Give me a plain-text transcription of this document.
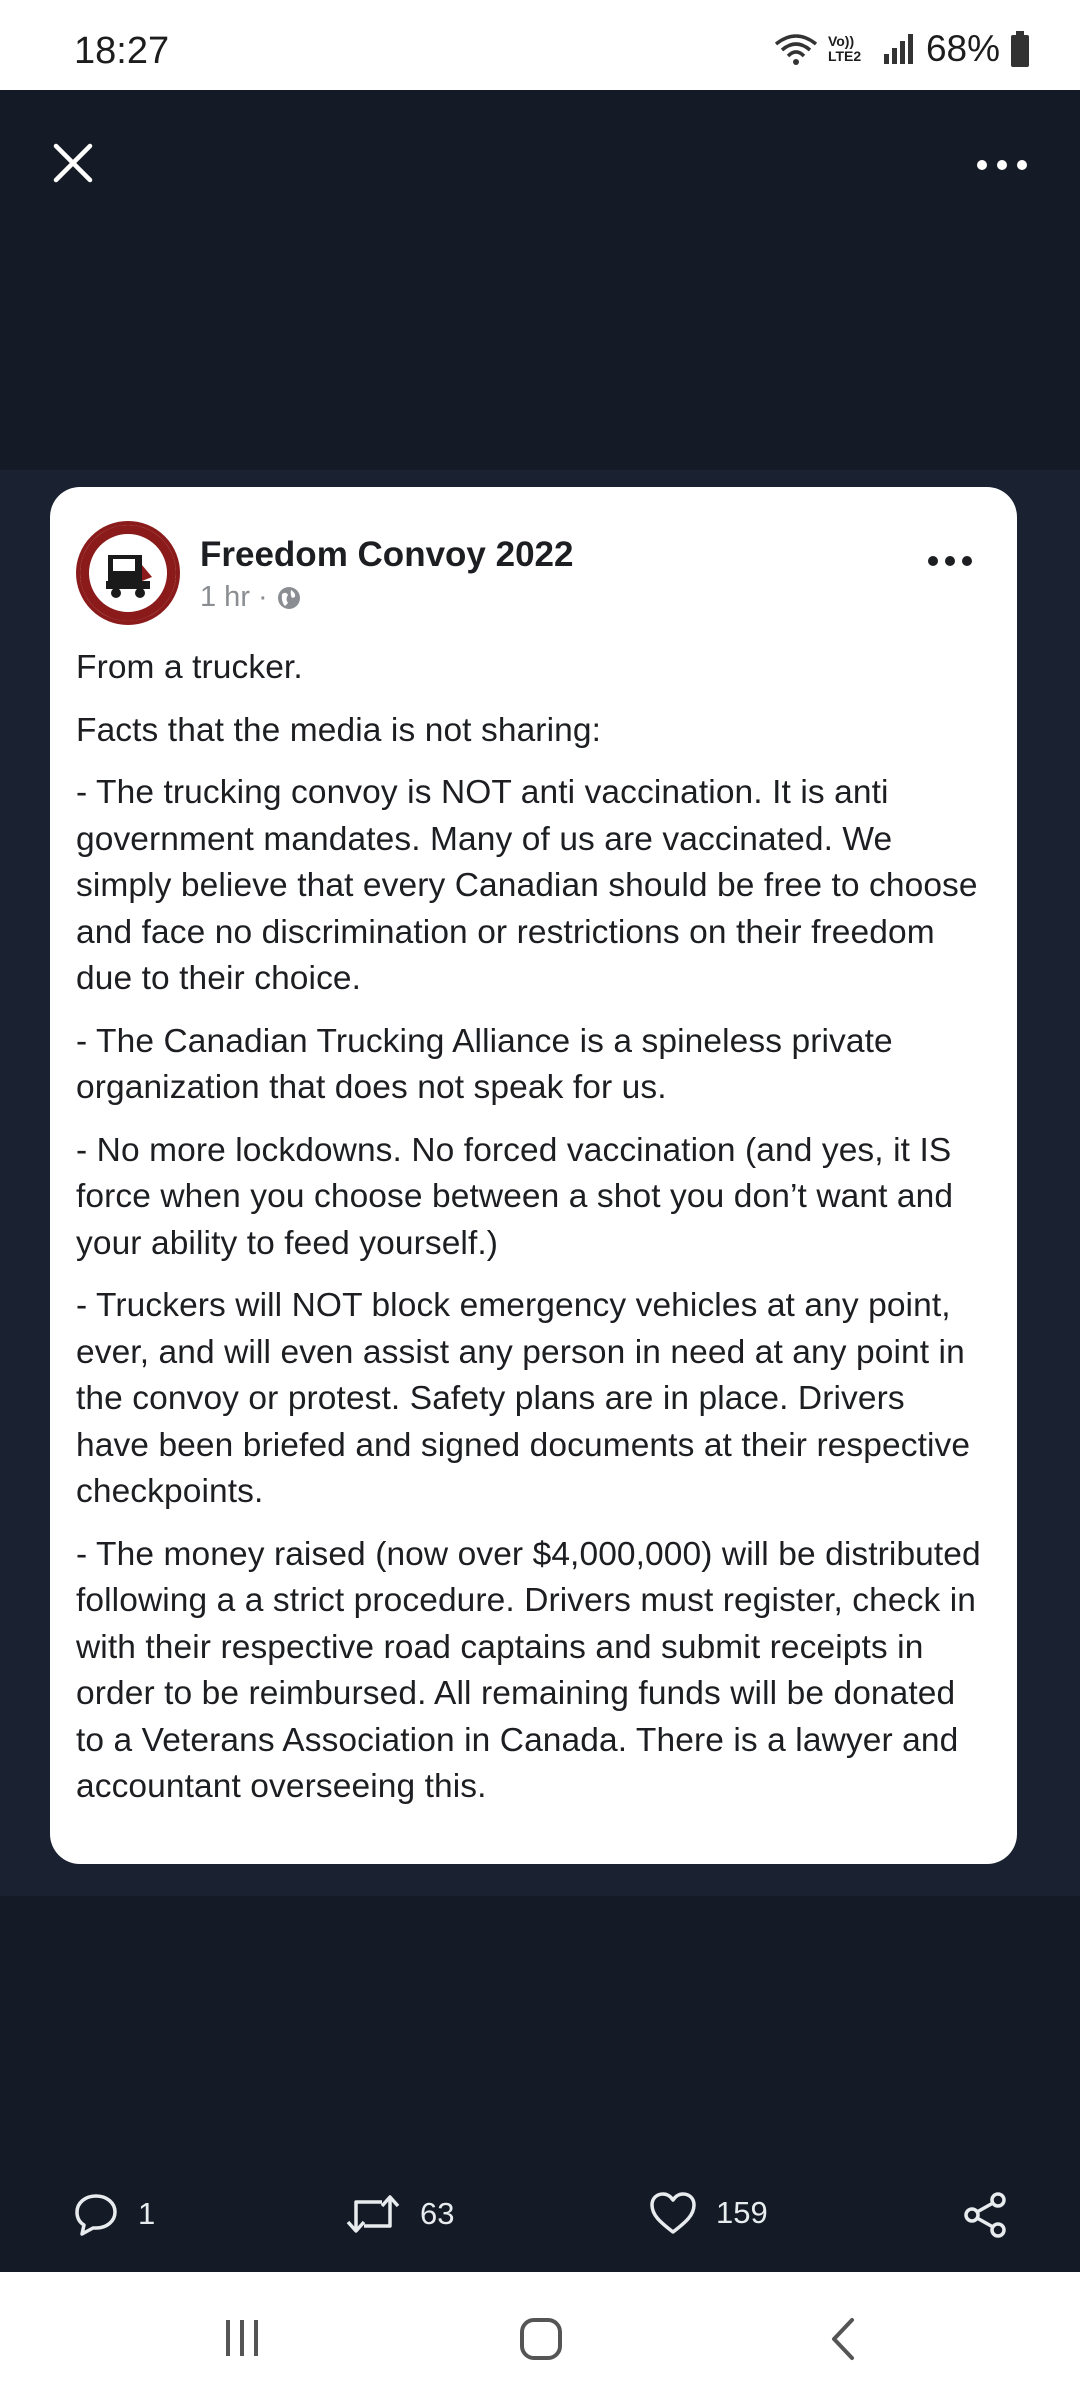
18:27	Vo)) LTE2 68%
Freedom Convoy 2022
1 hr ·

From a trucker.

Facts that the media is not sharing:

- The trucking convoy is NOT anti vaccination. It is anti government mandates. Many of us are vaccinated. We simply believe that every Canadian should be free to choose and face no discrimination or restrictions on their freedom due to their choice.

- The Canadian Trucking Alliance is a spineless private organization that does not speak for us.

- No more lockdowns. No forced vaccination (and yes, it IS force when you choose between a shot you don’t want and your ability to feed yourself.)

- Truckers will NOT block emergency vehicles at any point, ever, and will even assist any person in need at any point in the convoy or protest. Safety plans are in place. Drivers have been briefed and signed documents at their respective checkpoints.

- The money raised (now over $4,000,000) will be distributed following a a strict procedure. Drivers must register, check in with their respective road captains and submit receipts in order to be reimbursed. All remaining funds will be donated to a Veterans Association in Canada. There is a lawyer and accountant overseeing this.

1	63	159
